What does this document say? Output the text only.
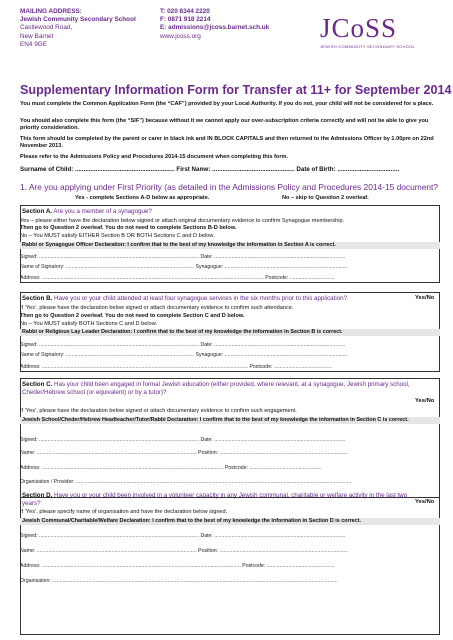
MAILING ADDRESS:
Jewish Community Secondary School
Castlewood Road,
New Barnet
EN4 9GE
T: 020 8344 2220
F: 0871 918 2214
E: admissions@jcoss.barnet.sch.uk
www.jcoss.org	JCoSS
JEWISH COMMUNITY SECONDARY SCHOOL
Supplementary Information Form for Transfer at 11+ for September 2014
You must complete the Common Application Form (the “CAF”) provided by your Local Authority. If you do not, your child will not be considered for a place.
You should also complete this form (the “SIF”) because without it we cannot apply our over-subscription criteria correctly and will not be able to give you priority consideration.
This form should be completed by the parent or carer in black ink and IN BLOCK CAPITALS and then returned to the Admissions Officer by 1.00pm on 22nd November 2013.
Please refer to the Admissions Policy and Procedures 2014-15 document when completing this form.
Surname of Child: .......................................................... First Name: ................................................ Date of Birth: ....................................
1. Are you applying under First Priority (as detailed in the Admissions Policy and Procedures 2014-15 document?
Yes - complete Sections A-D below as appropriate.	No – skip to Question 2 overleaf.
Section A. Are you a member of a synagogue?
Yes – please either have the declaration below signed or attach original documentary evidence to confirm Synagogue membership.
Then go to Question 2 overleaf. You do not need to complete Sections B-D below.
No – You MUST satisfy EITHER Section B OR BOTH Sections C and D below.
Rabbi or Synagogue Officer Declaration: I confirm that to the best of my knowledge the information in Section A is correct.
Signed: ............................................................................................................... Date: ...........................................................................................
Name of Signatory: ......................................................................................... Synagogue: .....................................................................................
Address: .......................................................................................................................................................... Postcode: ...............................
Section B. Have you or your child attended at least four synagogue services in the six months prior to this application?	Yes/No
If ‘Yes’, please have the declaration below signed or attach documentary evidence to confirm such attendance.
Then go to Question 2 overleaf. You do not need to complete Section C and D below.
No – You MUST satisfy BOTH Sections C and D below.
Rabbi or Religious Lay Leader Declaration: I confirm that to the best of my knowledge the information in Section B is correct.
Signed: ............................................................................................................... Date: ...........................................................................................
Name of Signatory: ......................................................................................... Synagogue: .....................................................................................
Address: ............................................................................................................................................... Postcode: ........................................
Section C. Has your child been engaged in formal Jewish education (either provided, where relevant, at a synagogue, Jewish primary school, Cheder/Hebrew school (or equivalent) or by a tutor)?
Yes/No
If ‘Yes’, please have the declaration below signed or attach documentary evidence to confirm such engagement.
Jewish School/Cheder/Hebrew Headteacher/Tutor/Rabbi Declaration: I confirm that to the best of my knowledge the information in Section C is correct.
Signed: ............................................................................................................... Date: ...........................................................................................
Name: ............................................................................................................... Position: .........................................................................................
Address: .............................................................................................................................. Postcode: ..................................................
Organisation / Provider: ...............................................................................................................................................................................................
Section D. Have you or your child been involved in a volunteer capacity in any Jewish communal, charitable or welfare activity in the last two years?	Yes/No
If ‘Yes’, please specify name of organisation and have the declaration below signed.
Jewish Communal/Charitable/Welfare Declaration: I confirm that to the best of my knowledge the information in Section D is correct.
Signed: ............................................................................................................... Date: ...........................................................................................
Name: ............................................................................................................... Position: .........................................................................................
Address: .......................................................................................................................................... Postcode: ...............................................
Organisation: ......................................................................................................................................................................................................
